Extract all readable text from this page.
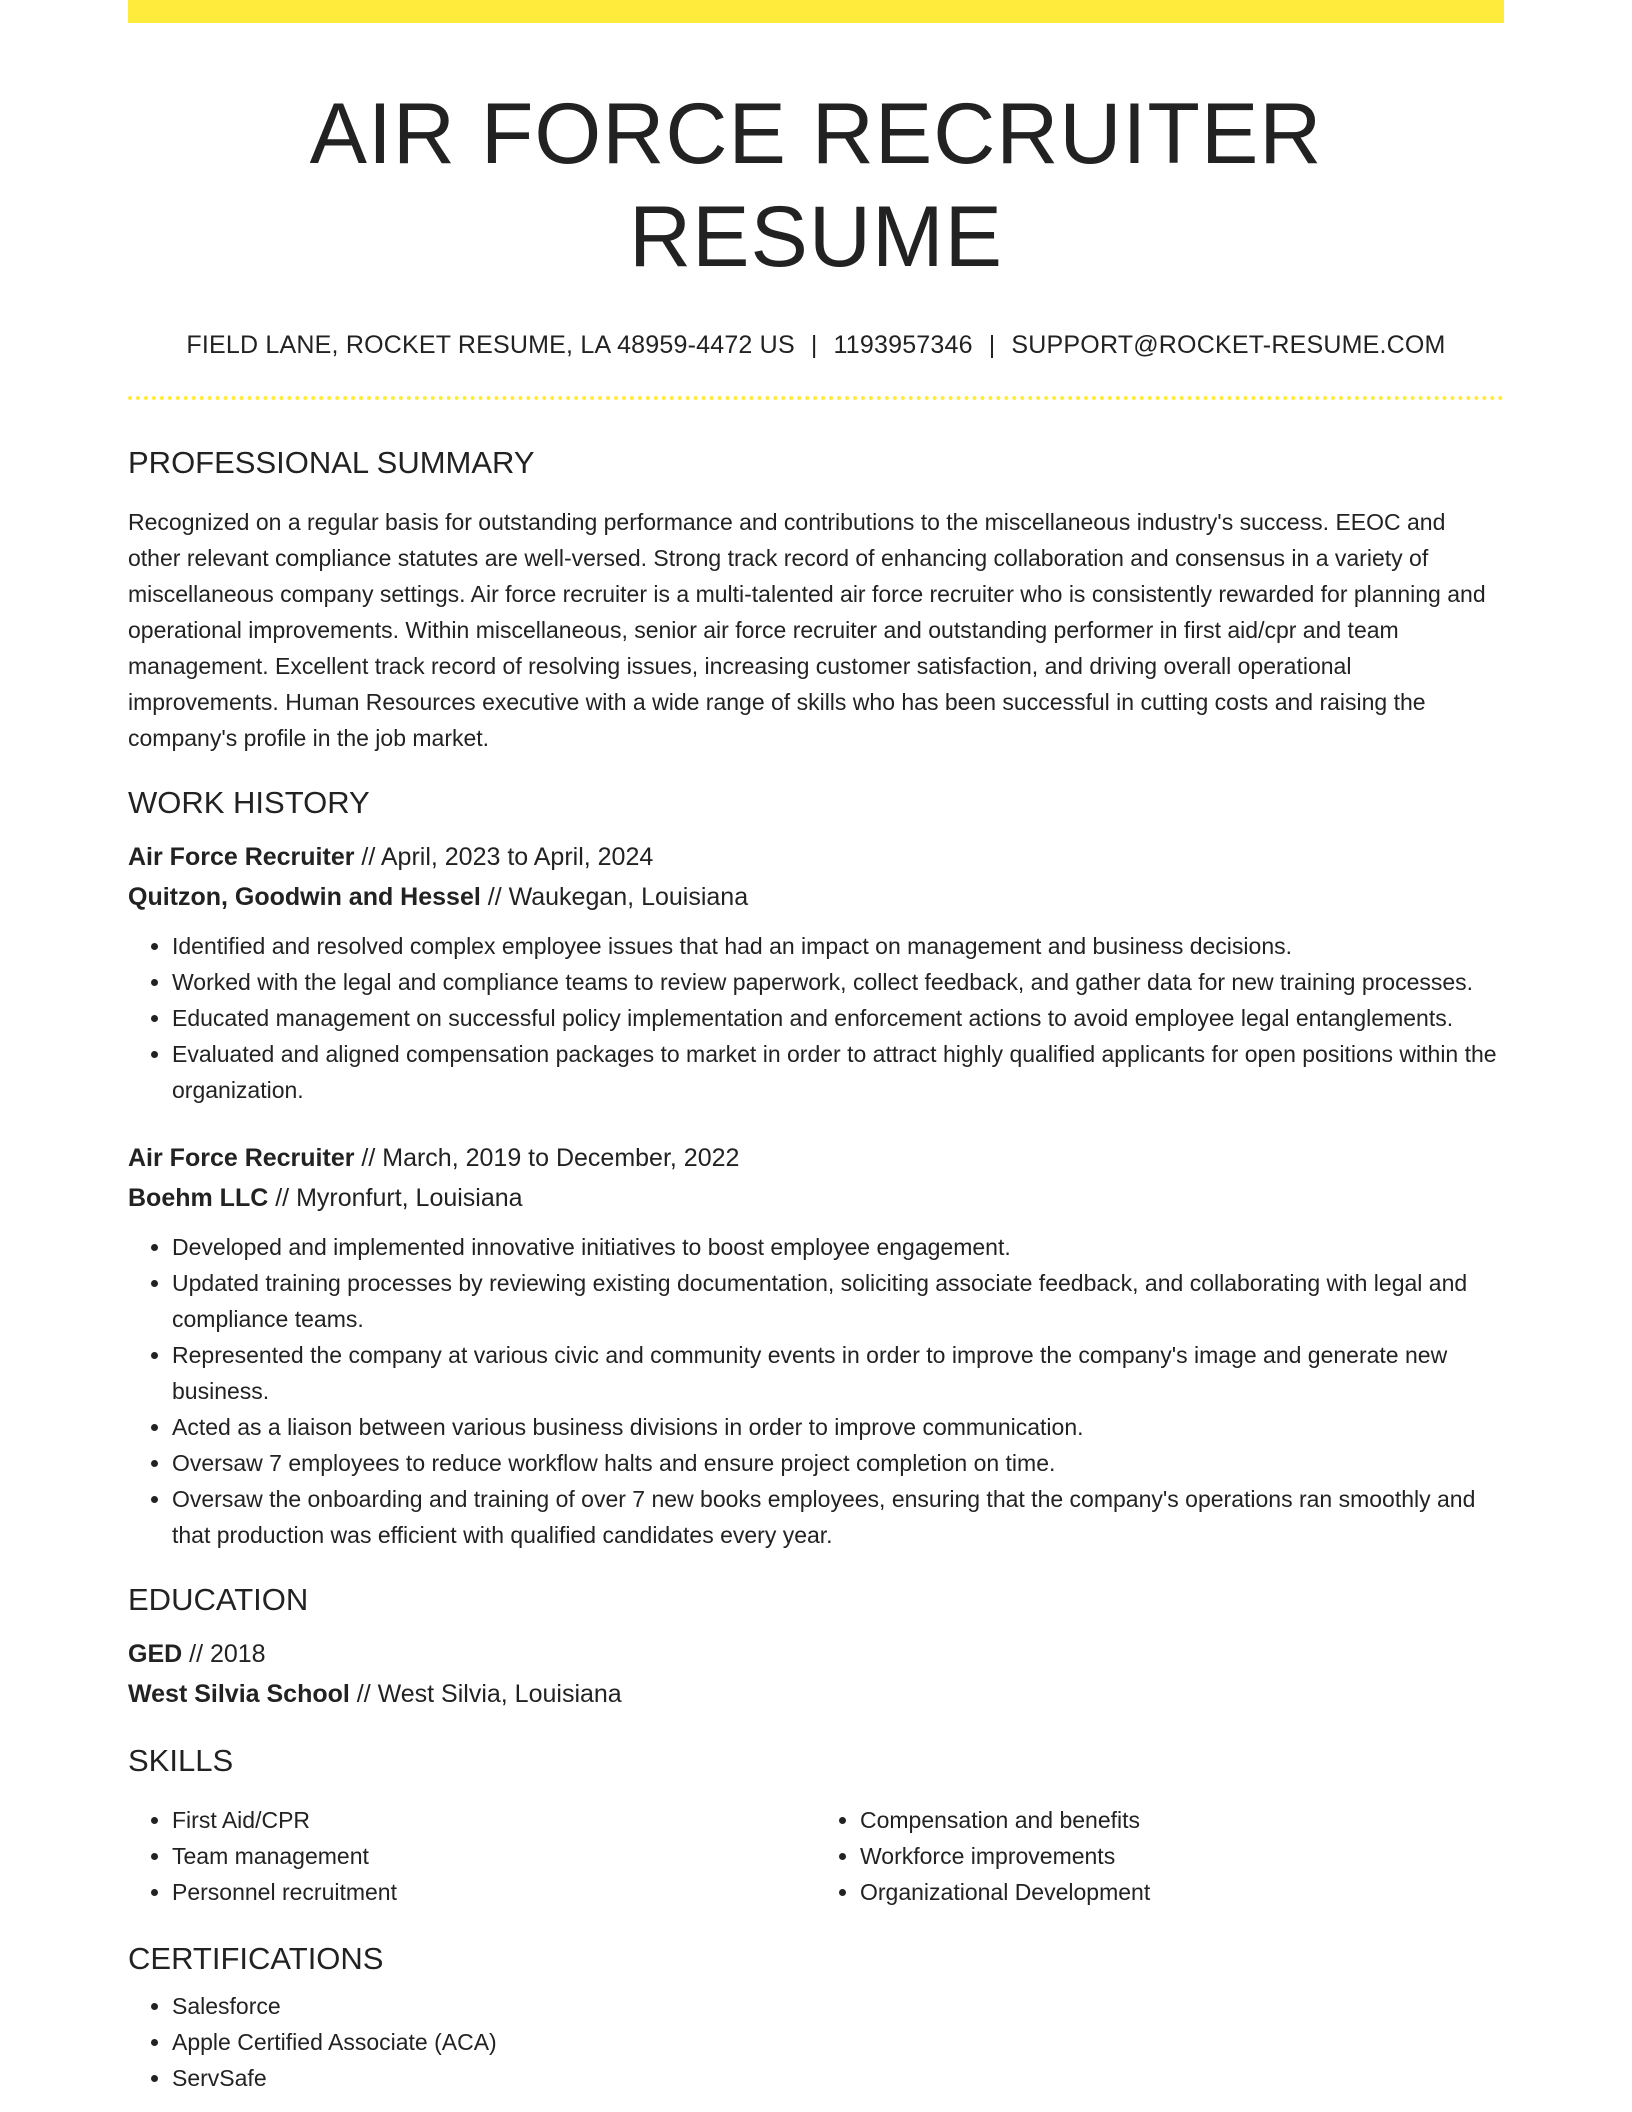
AIR FORCE RECRUITER RESUME
FIELD LANE, ROCKET RESUME, LA 48959-4472 US | 1193957346 | SUPPORT@ROCKET-RESUME.COM
PROFESSIONAL SUMMARY
Recognized on a regular basis for outstanding performance and contributions to the miscellaneous industry's success. EEOC and other relevant compliance statutes are well-versed. Strong track record of enhancing collaboration and consensus in a variety of miscellaneous company settings. Air force recruiter is a multi-talented air force recruiter who is consistently rewarded for planning and operational improvements. Within miscellaneous, senior air force recruiter and outstanding performer in first aid/cpr and team management. Excellent track record of resolving issues, increasing customer satisfaction, and driving overall operational improvements. Human Resources executive with a wide range of skills who has been successful in cutting costs and raising the company's profile in the job market.
WORK HISTORY
Air Force Recruiter // April, 2023 to April, 2024
Quitzon, Goodwin and Hessel // Waukegan, Louisiana
• Identified and resolved complex employee issues that had an impact on management and business decisions.
• Worked with the legal and compliance teams to review paperwork, collect feedback, and gather data for new training processes.
• Educated management on successful policy implementation and enforcement actions to avoid employee legal entanglements.
• Evaluated and aligned compensation packages to market in order to attract highly qualified applicants for open positions within the organization.
Air Force Recruiter // March, 2019 to December, 2022
Boehm LLC // Myronfurt, Louisiana
• Developed and implemented innovative initiatives to boost employee engagement.
• Updated training processes by reviewing existing documentation, soliciting associate feedback, and collaborating with legal and compliance teams.
• Represented the company at various civic and community events in order to improve the company's image and generate new business.
• Acted as a liaison between various business divisions in order to improve communication.
• Oversaw 7 employees to reduce workflow halts and ensure project completion on time.
• Oversaw the onboarding and training of over 7 new books employees, ensuring that the company's operations ran smoothly and that production was efficient with qualified candidates every year.
EDUCATION
GED // 2018
West Silvia School // West Silvia, Louisiana
SKILLS
• First Aid/CPR
• Team management
• Personnel recruitment
• Compensation and benefits
• Workforce improvements
• Organizational Development
CERTIFICATIONS
• Salesforce
• Apple Certified Associate (ACA)
• ServSafe
